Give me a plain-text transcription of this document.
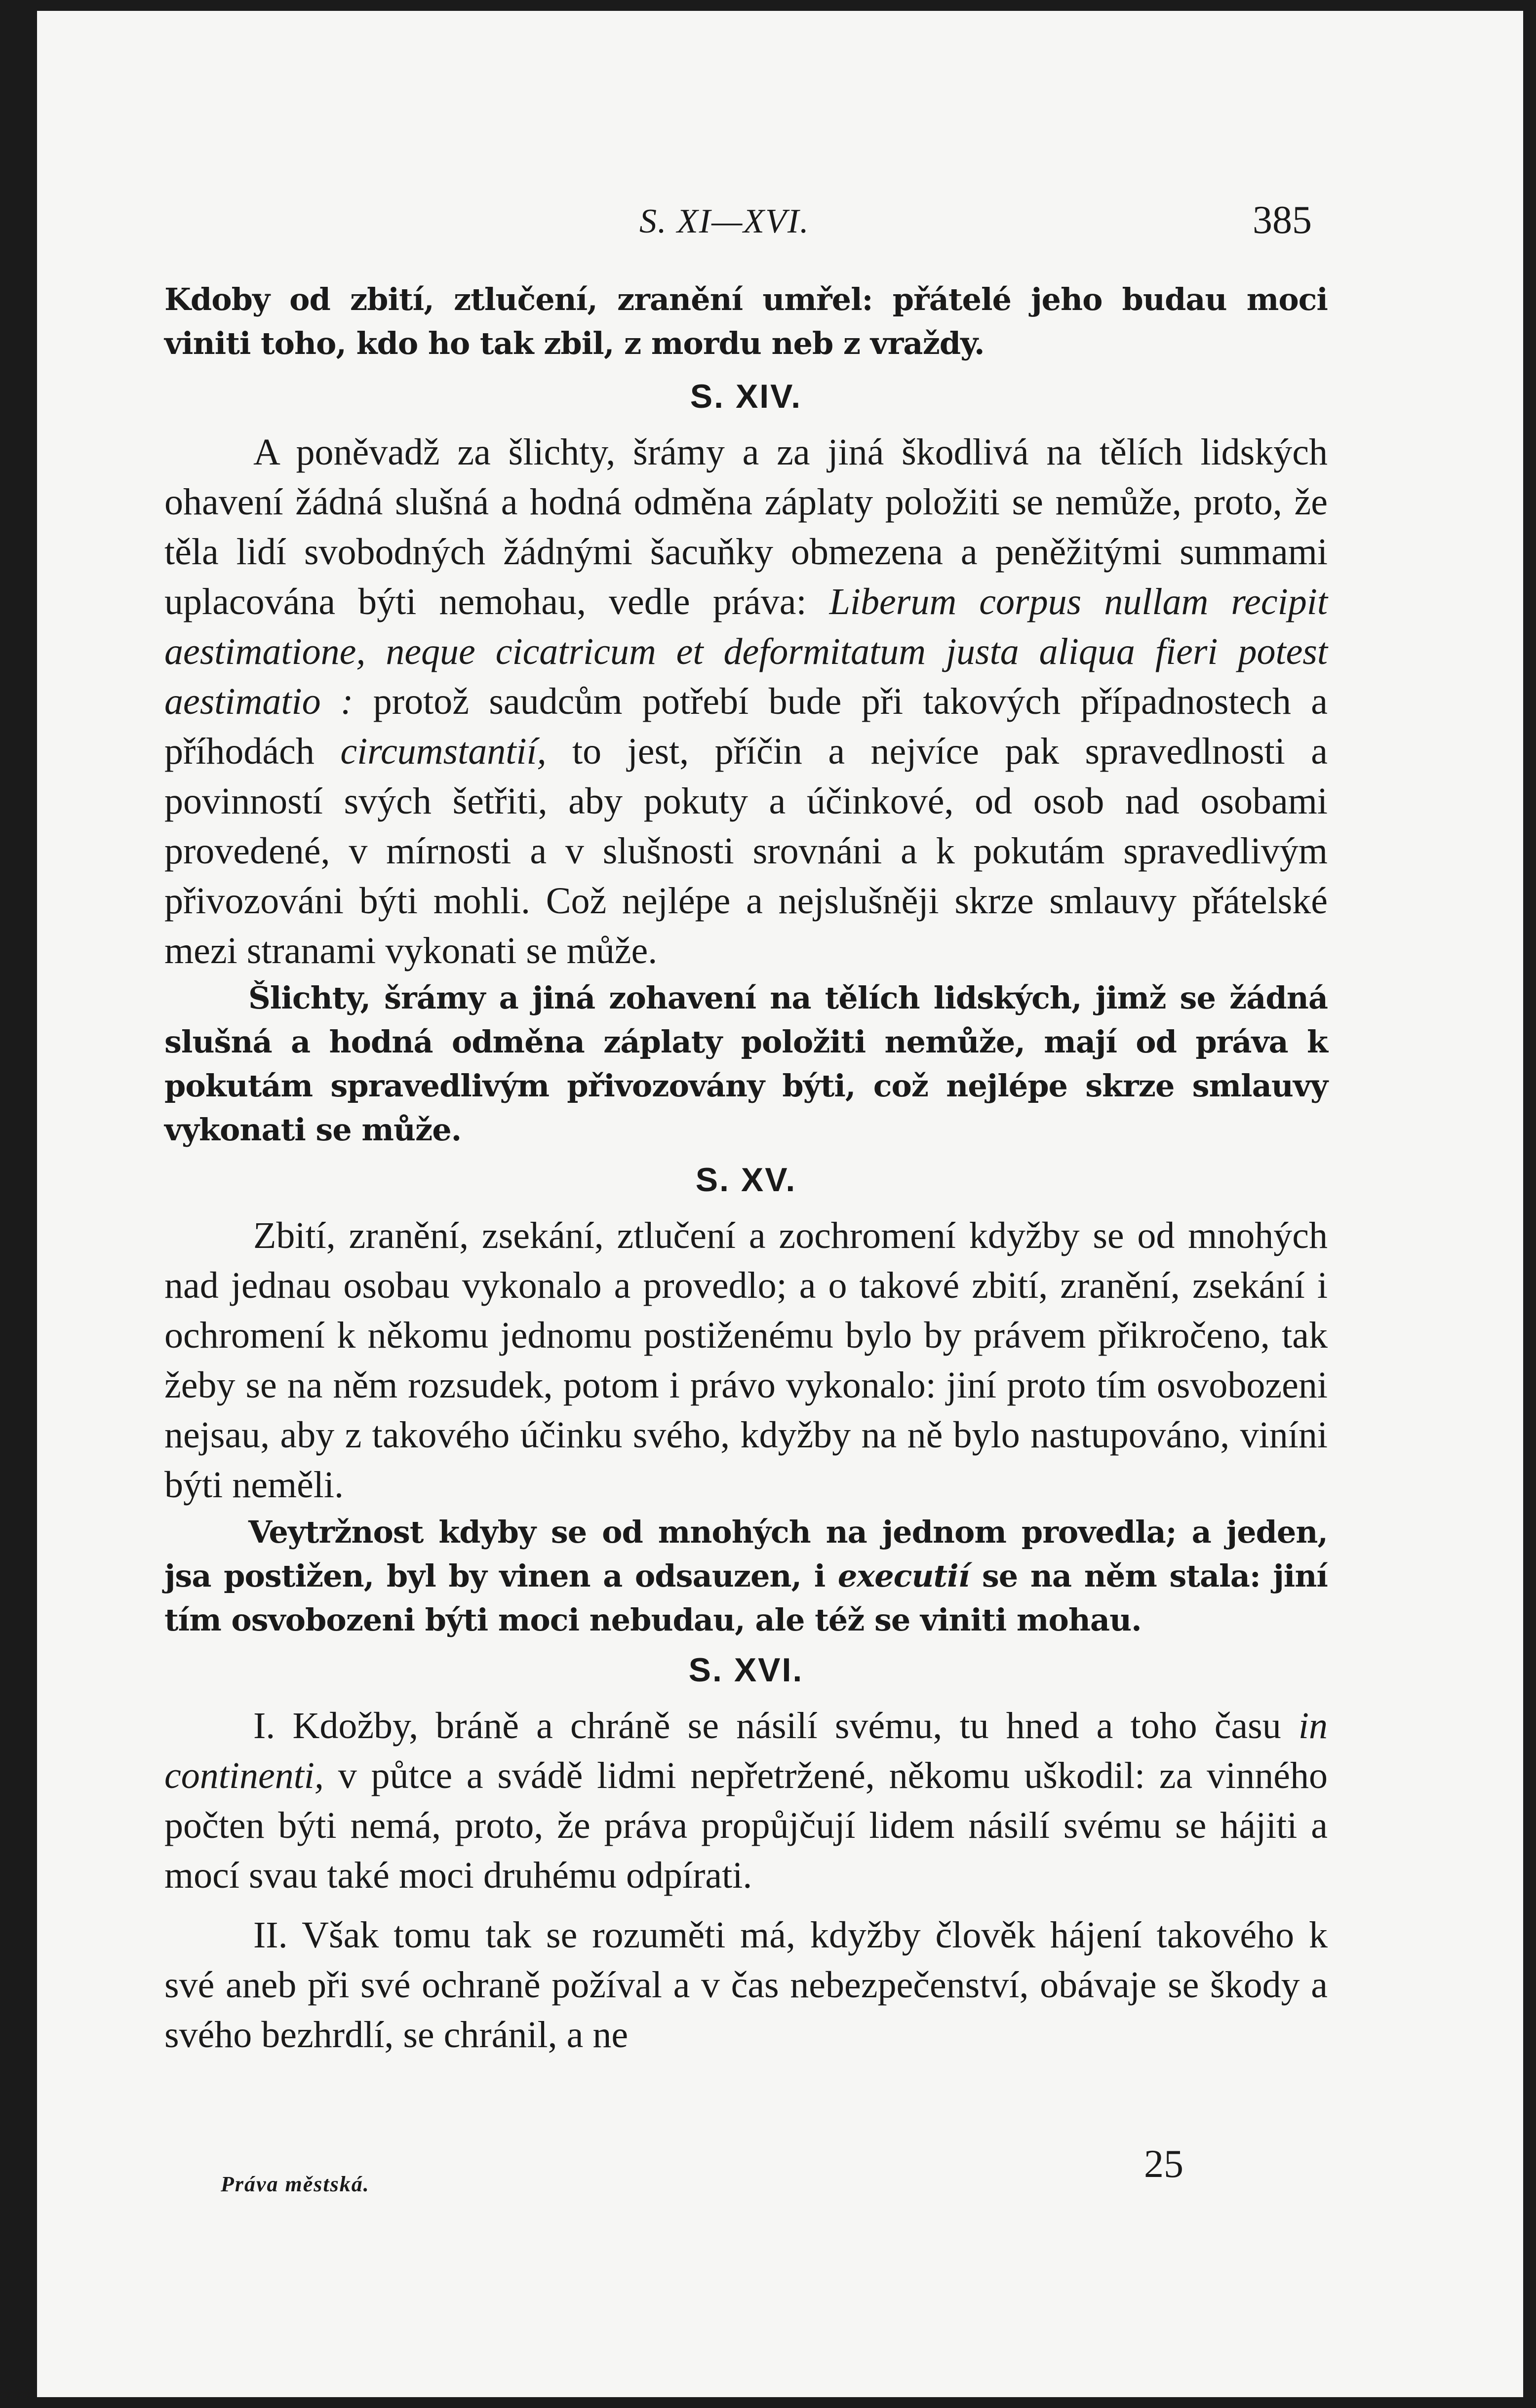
S. XI—XVI.	385

Kdoby od zbití, ztlučení, zranění umřel: přátelé jeho budau moci viniti toho, kdo ho tak zbil, z mordu neb z vraždy.

S. XIV.

A poněvadž za šlichty, šrámy a za jiná škodlivá na tělích lidských ohavení žádná slušná a hodná odměna záplaty položiti se nemůže, proto, že těla lidí svobodných žádnými šacuňky obmezena a peněžitými summami uplacována býti nemohau, vedle práva: Liberum corpus nullam recipit aestimatione, neque cicatricum et deformitatum justa aliqua fieri potest aestimatio : protož saudcům potřebí bude při takových případnostech a příhodách circumstantií, to jest, příčin a nejvíce pak spravedlnosti a povinností svých šetřiti, aby pokuty a účinkové, od osob nad osobami provedené, v mírnosti a v slušnosti srovnáni a k pokutám spravedlivým přivozováni býti mohli. Což nejlépe a nejslušněji skrze smlauvy přátelské mezi stranami vykonati se může.

Šlichty, šrámy a jiná zohavení na tělích lidských, jimž se žádná slušná a hodná odměna záplaty položiti nemůže, mají od práva k pokutám spravedlivým přivozovány býti, což nejlépe skrze smlauvy vykonati se může.

S. XV.

Zbití, zranění, zsekání, ztlučení a zochromení kdyžby se od mnohých nad jednau osobau vykonalo a provedlo; a o takové zbití, zranění, zsekání i ochromení k někomu jednomu postiženému bylo by právem přikročeno, tak žeby se na něm rozsudek, potom i právo vykonalo: jiní proto tím osvobozeni nejsau, aby z takového účinku svého, kdyžby na ně bylo nastupováno, viníni býti neměli.

Veytržnost kdyby se od mnohých na jednom provedla; a jeden, jsa postižen, byl by vinen a odsauzen, i executií se na něm stala: jiní tím osvobozeni býti moci nebudau, ale též se viniti mohau.

S. XVI.

I. Kdožby, bráně a chráně se násilí svému, tu hned a toho času in continenti, v půtce a svádě lidmi nepřetržené, někomu uškodil: za vinného počten býti nemá, proto, že práva propůjčují lidem násilí svému se hájiti a mocí svau také moci druhému odpírati.

II. Však tomu tak se rozuměti má, kdyžby člověk hájení takového k své aneb při své ochraně požíval a v čas nebezpečenství, obávaje se škody a svého bezhrdlí, se chránil, a ne

Práva městská.	25
